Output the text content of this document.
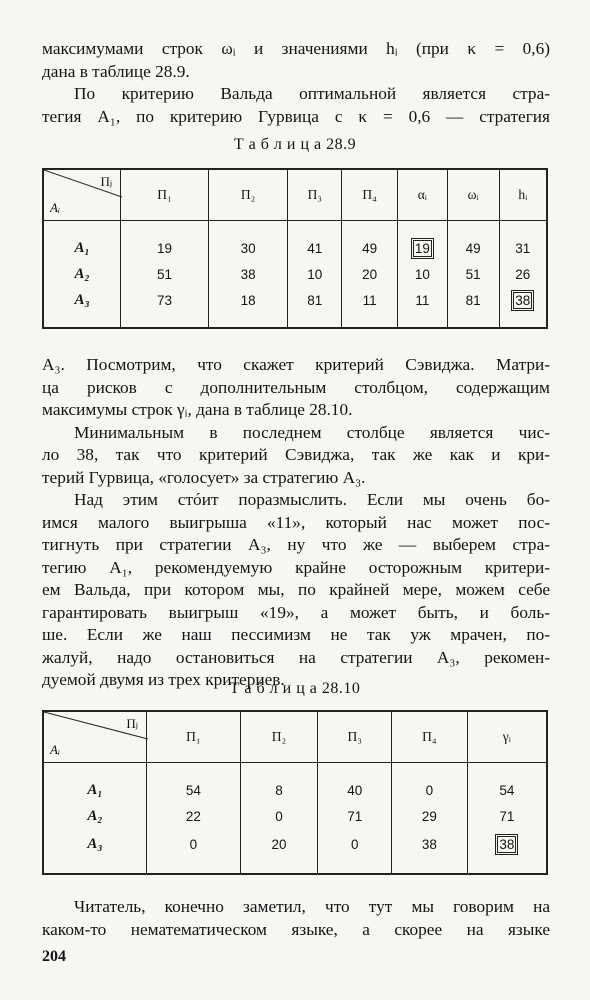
максимумами строк ωᵢ и значениями hᵢ (при κ = 0,6)
дана в таблице 28.9.
По критерию Вальда оптимальной является стра-
тегия A₁, по критерию Гурвица с κ = 0,6 — стратегия

Т а б л и ц а 28.9

Пⱼ
Aᵢ	П₁	П₂	П₃	П₄	αᵢ	ωᵢ	hᵢ

A₁	19	30	41	49	19	49	31
A₂	51	38	10	20	10	51	26
A₃	73	18	81	11	11	81	38

A₃. Посмотрим, что скажет критерий Сэвиджа. Матри-
ца рисков с дополнительным столбцом, содержащим
максимумы строк γᵢ, дана в таблице 28.10.
Минимальным в последнем столбце является чис-
ло 38, так что критерий Сэвиджа, так же как и кри-
терий Гурвица, «голосует» за стратегию A₃.
Над этим стóит поразмыслить. Если мы очень бо-
имся малого выигрыша «11», который нас может пос-
тигнуть при стратегии A₃, ну что же — выберем стра-
тегию A₁, рекомендуемую крайне осторожным критери-
ем Вальда, при котором мы, по крайней мере, можем себе
гарантировать выигрыш «19», а может быть, и боль-
ше. Если же наш пессимизм не так уж мрачен, по-
жалуй, надо остановиться на стратегии A₃, рекомен-
дуемой двумя из трех критериев.

Т а б л и ц а 28.10

Пⱼ
Aᵢ	П₁	П₂	П₃	П₄	γᵢ

A₁	54	8	40	0	54
A₂	22	0	71	29	71
A₃	0	20	0	38	38

Читатель, конечно заметил, что тут мы говорим на
каком-то нематематическом языке, а скорее на языке

204
